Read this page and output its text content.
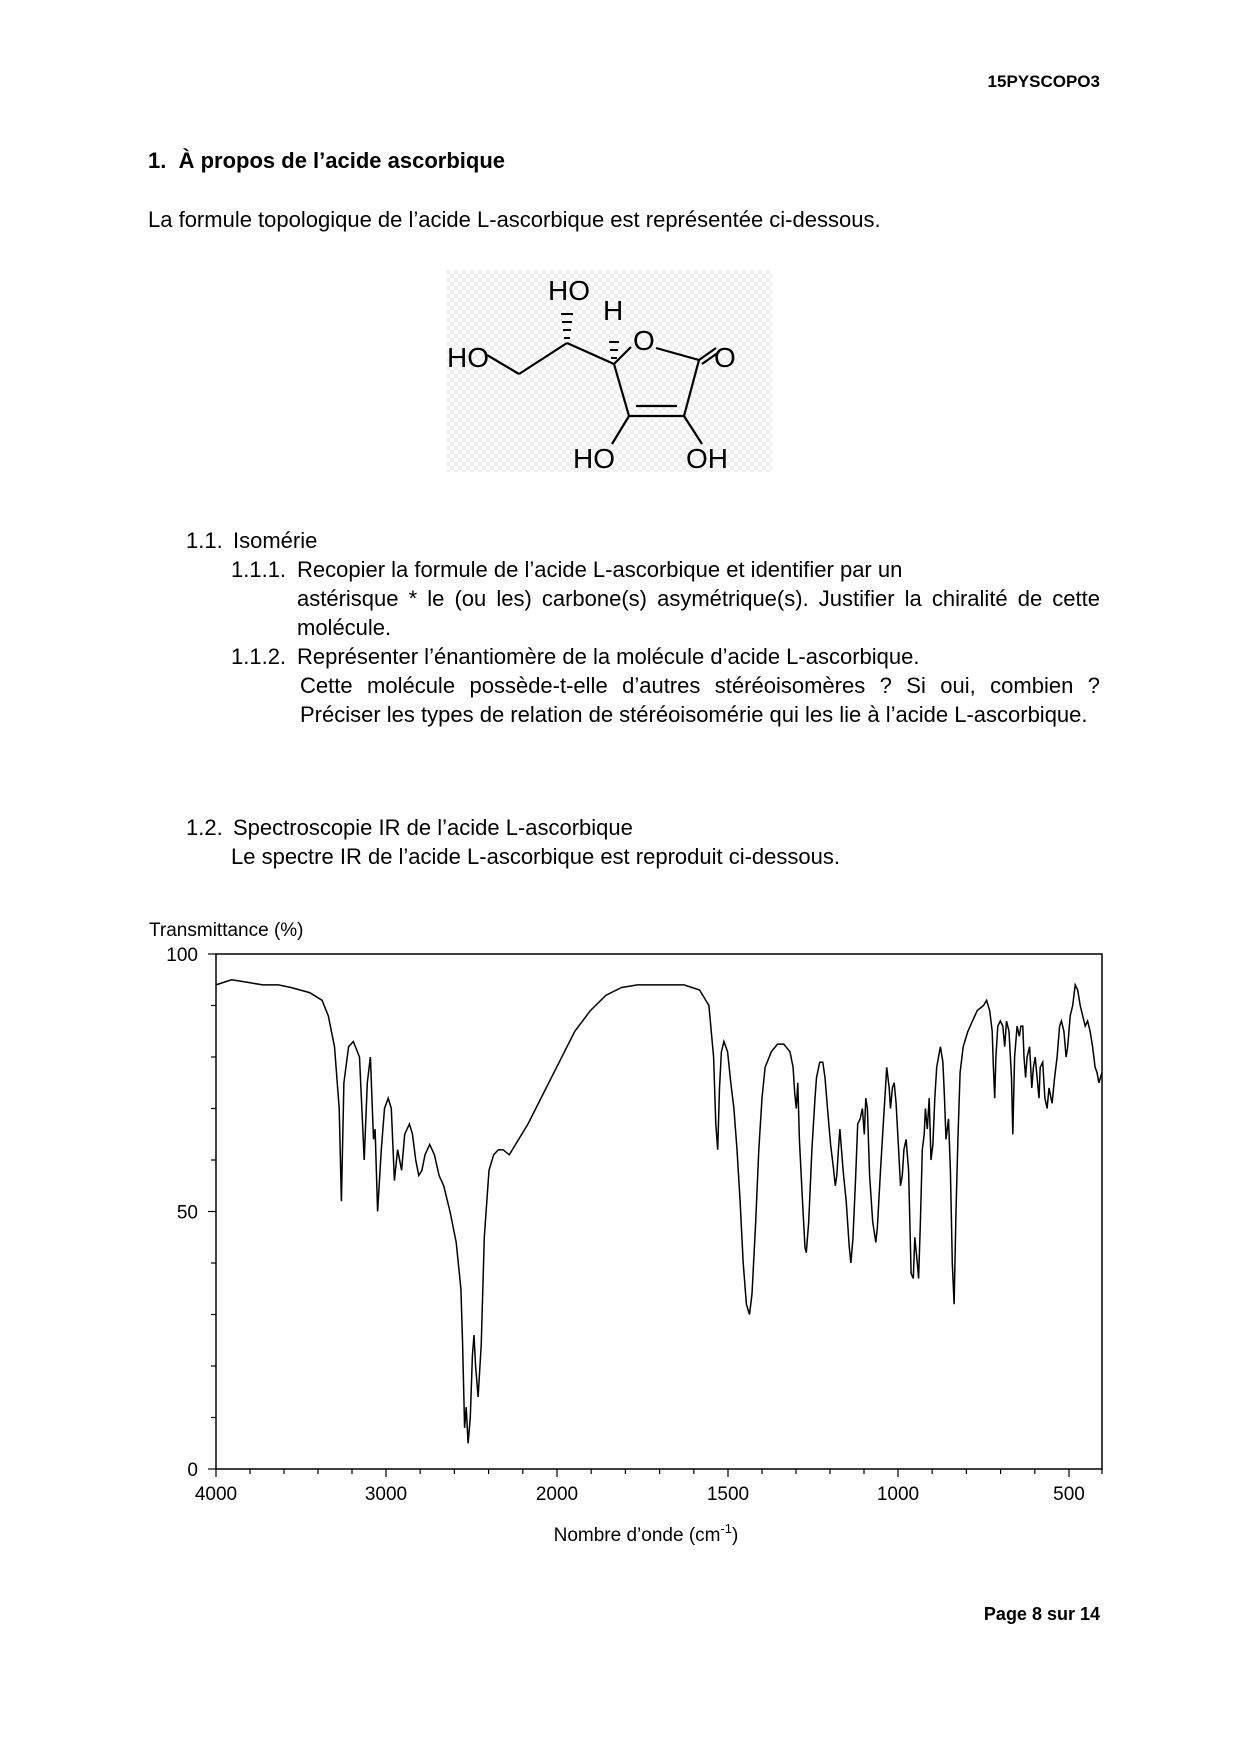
15PYSCOPO3
1. À propos de l’acide ascorbique
La formule topologique de l’acide L-ascorbique est représentée ci-dessous.
HO
H
HO
O
O
HO	OH
1.1. Isomérie
1.1.1. Recopier la formule de l’acide L-ascorbique et identifier par un
astérisque * le (ou les) carbone(s) asymétrique(s). Justifier la chiralité de cette molécule.
1.1.2. Représenter l’énantiomère de la molécule d’acide L-ascorbique.
Cette molécule possède-t-elle d’autres stéréoisomères ? Si oui, combien ? Préciser les types de relation de stéréoisomérie qui les lie à l’acide L-ascorbique.
1.2. Spectroscopie IR de l’acide L-ascorbique
Le spectre IR de l’acide L-ascorbique est reproduit ci-dessous.
Transmittance (%)
100
50
0
4000	3000	2000	1500	1000	500
Nombre d’onde $(cm^{-1})$
Page 8 sur 14
